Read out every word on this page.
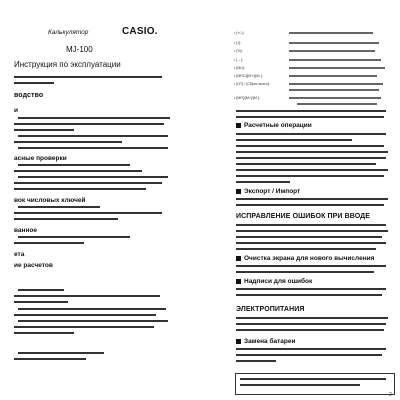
Калькулятор	CASIO.
MJ-100
Инструкция по эксплуатации
водство
и
асные проверки
вок числовых ключей
ванное
ета
ие расчетов
• [+/–]:
• [√]:
• [%]:
• [→]:
• [MU]:
• [MRC]/[M+]/[M-]:
• [GT] / [Сброс всего]:
• [MR]/[M+]/[M-]:
Расчетные операции
Экспорт / Импорт
ИСПРАВЛЕНИЕ ОШИБОК ПРИ ВВОДЕ
Очистка экрана для нового вычисления
Надписи для ошибок
ЭЛЕКТРОПИТАНИЯ
Замена батареи
2
